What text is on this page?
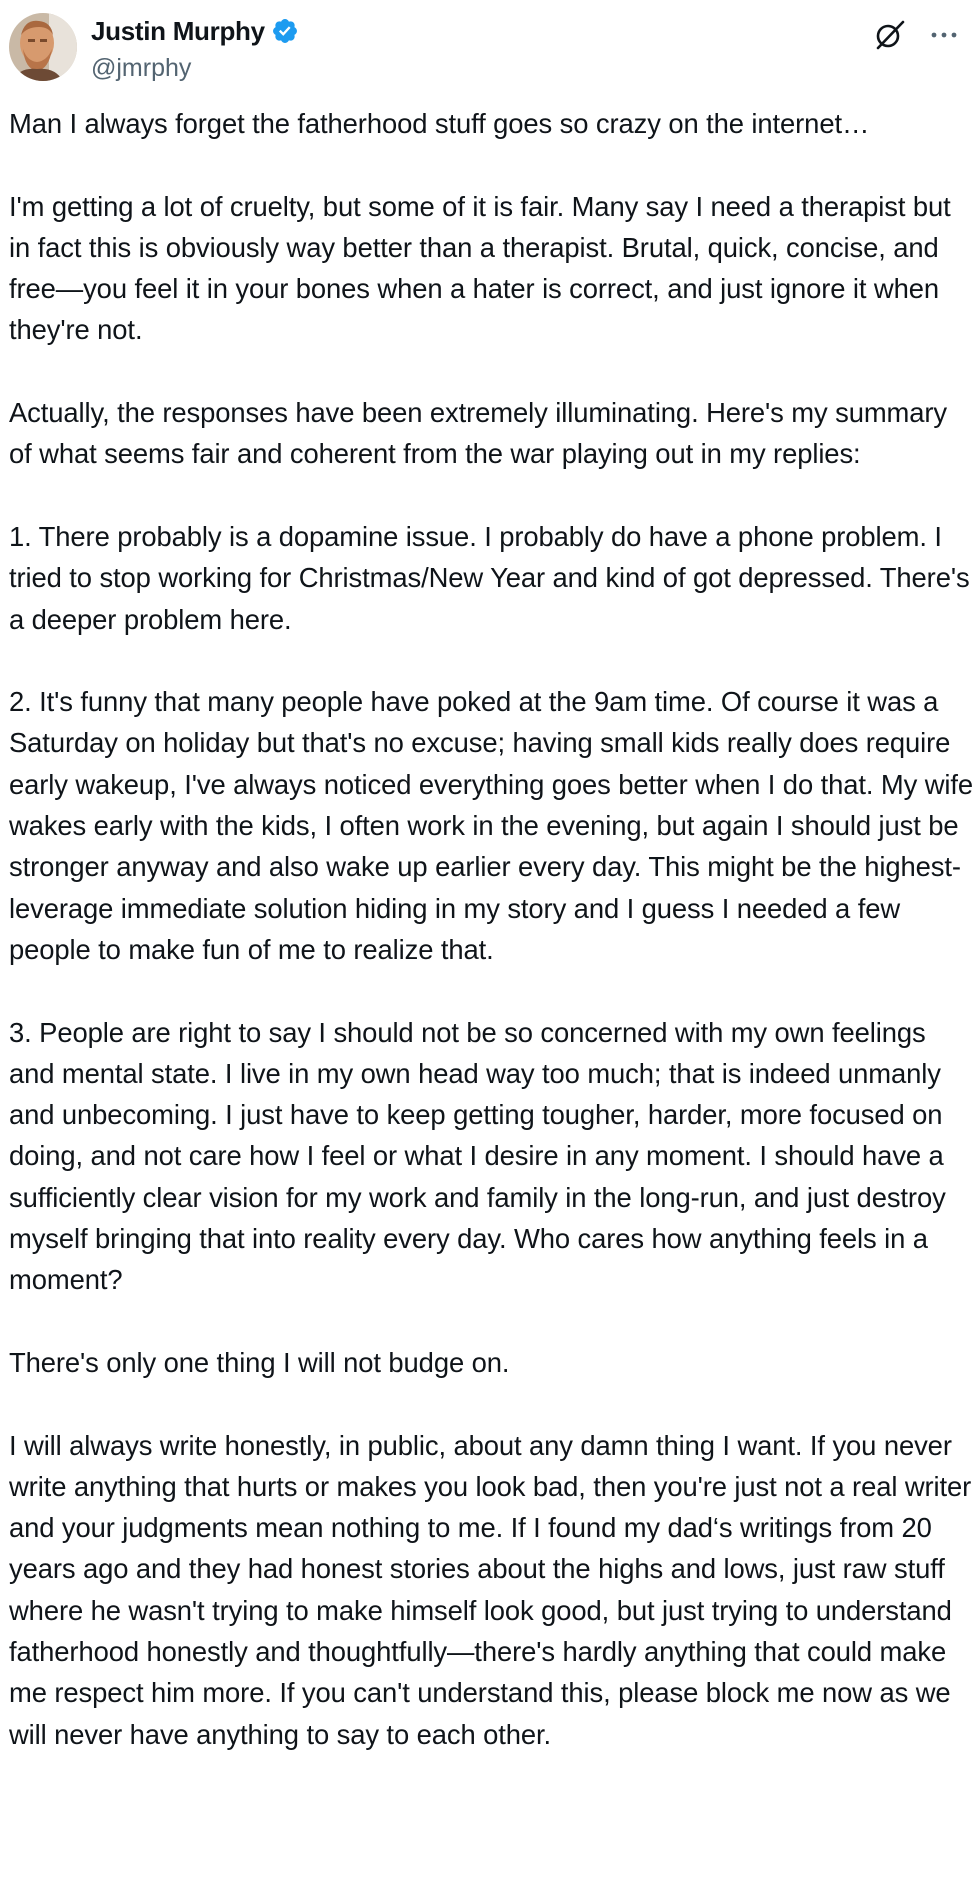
Justin Murphy
@jmrphy

Man I always forget the fatherhood stuff goes so crazy on the internet…

I'm getting a lot of cruelty, but some of it is fair. Many say I need a therapist but in fact this is obviously way better than a therapist. Brutal, quick, concise, and free—you feel it in your bones when a hater is correct, and just ignore it when they're not.

Actually, the responses have been extremely illuminating. Here's my summary of what seems fair and coherent from the war playing out in my replies:

1. There probably is a dopamine issue. I probably do have a phone problem. I tried to stop working for Christmas/New Year and kind of got depressed. There's a deeper problem here.

2. It's funny that many people have poked at the 9am time. Of course it was a Saturday on holiday but that's no excuse; having small kids really does require early wakeup, I've always noticed everything goes better when I do that. My wife wakes early with the kids, I often work in the evening, but again I should just be stronger anyway and also wake up earlier every day. This might be the highest-leverage immediate solution hiding in my story and I guess I needed a few people to make fun of me to realize that.

3. People are right to say I should not be so concerned with my own feelings and mental state. I live in my own head way too much; that is indeed unmanly and unbecoming. I just have to keep getting tougher, harder, more focused on doing, and not care how I feel or what I desire in any moment. I should have a sufficiently clear vision for my work and family in the long-run, and just destroy myself bringing that into reality every day. Who cares how anything feels in a moment?

There's only one thing I will not budge on.

I will always write honestly, in public, about any damn thing I want. If you never write anything that hurts or makes you look bad, then you're just not a real writer and your judgments mean nothing to me. If I found my dad‘s writings from 20 years ago and they had honest stories about the highs and lows, just raw stuff where he wasn't trying to make himself look good, but just trying to understand fatherhood honestly and thoughtfully—there's hardly anything that could make me respect him more. If you can't understand this, please block me now as we will never have anything to say to each other.
